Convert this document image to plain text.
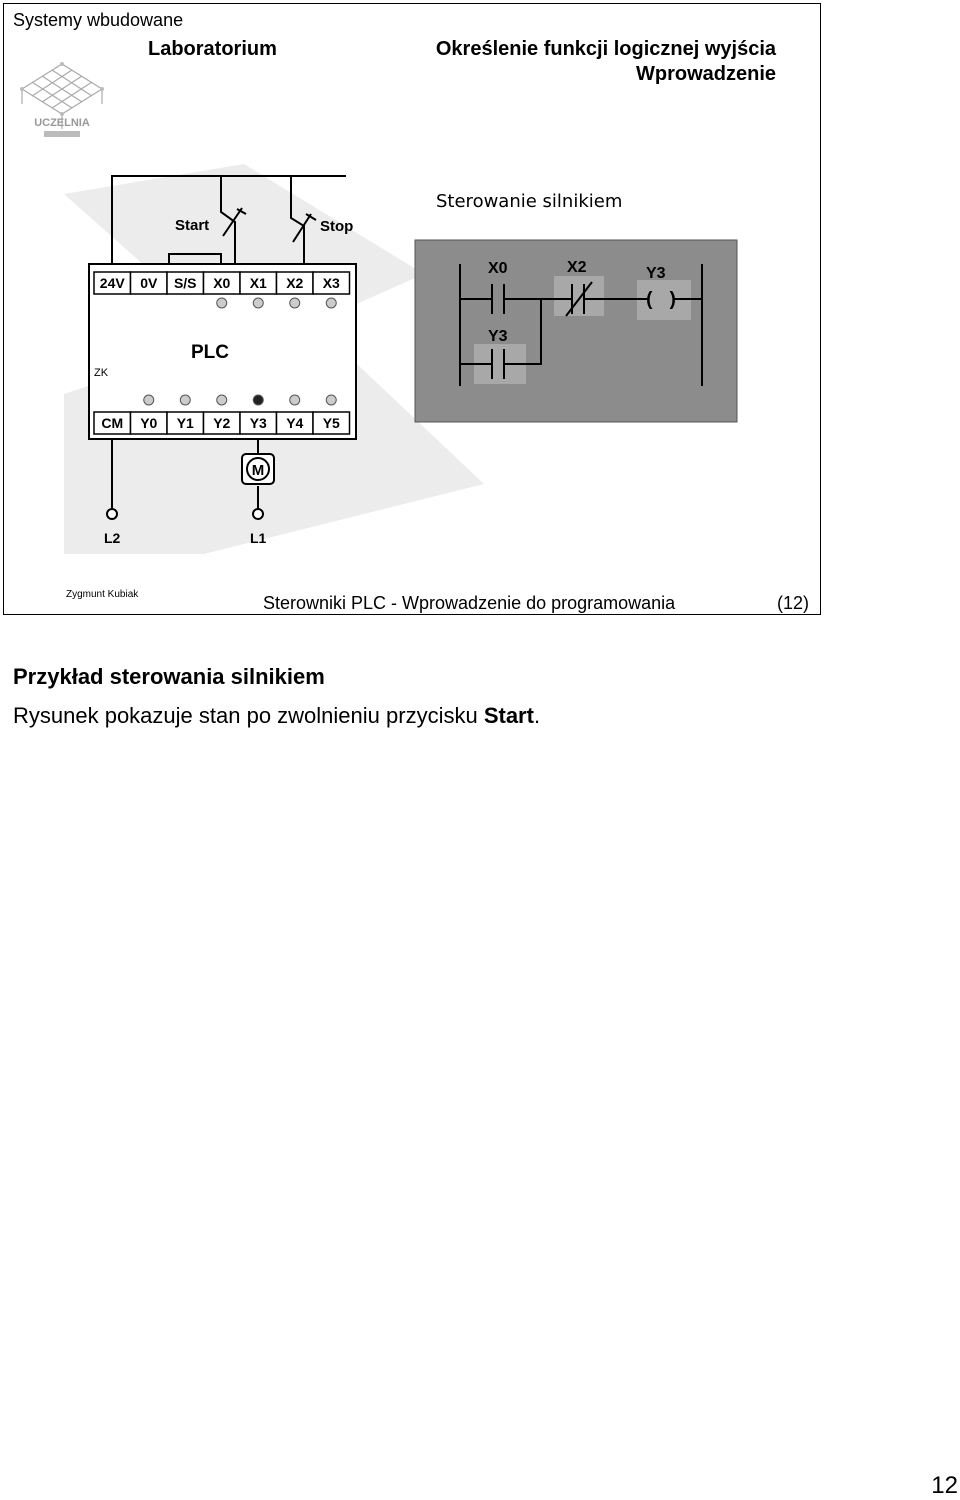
Systemy wbudowane
Laboratorium	Określenie funkcji logicznej wyjścia
Wprowadzenie
UCZELNIA
Start	Stop
PLC
ZK
24V 0V S/S X0 X1 X2 X3
CM Y0 Y1 Y2 Y3 Y4 Y5
M
L2	L1
Sterowanie silnikiem
( )
X0	X2	Y3
Y3
Zygmunt Kubiak	Sterowniki PLC - Wprowadzenie do programowania	(12)
Przykład sterowania silnikiem
Rysunek pokazuje stan po zwolnieniu przycisku Start.
12
